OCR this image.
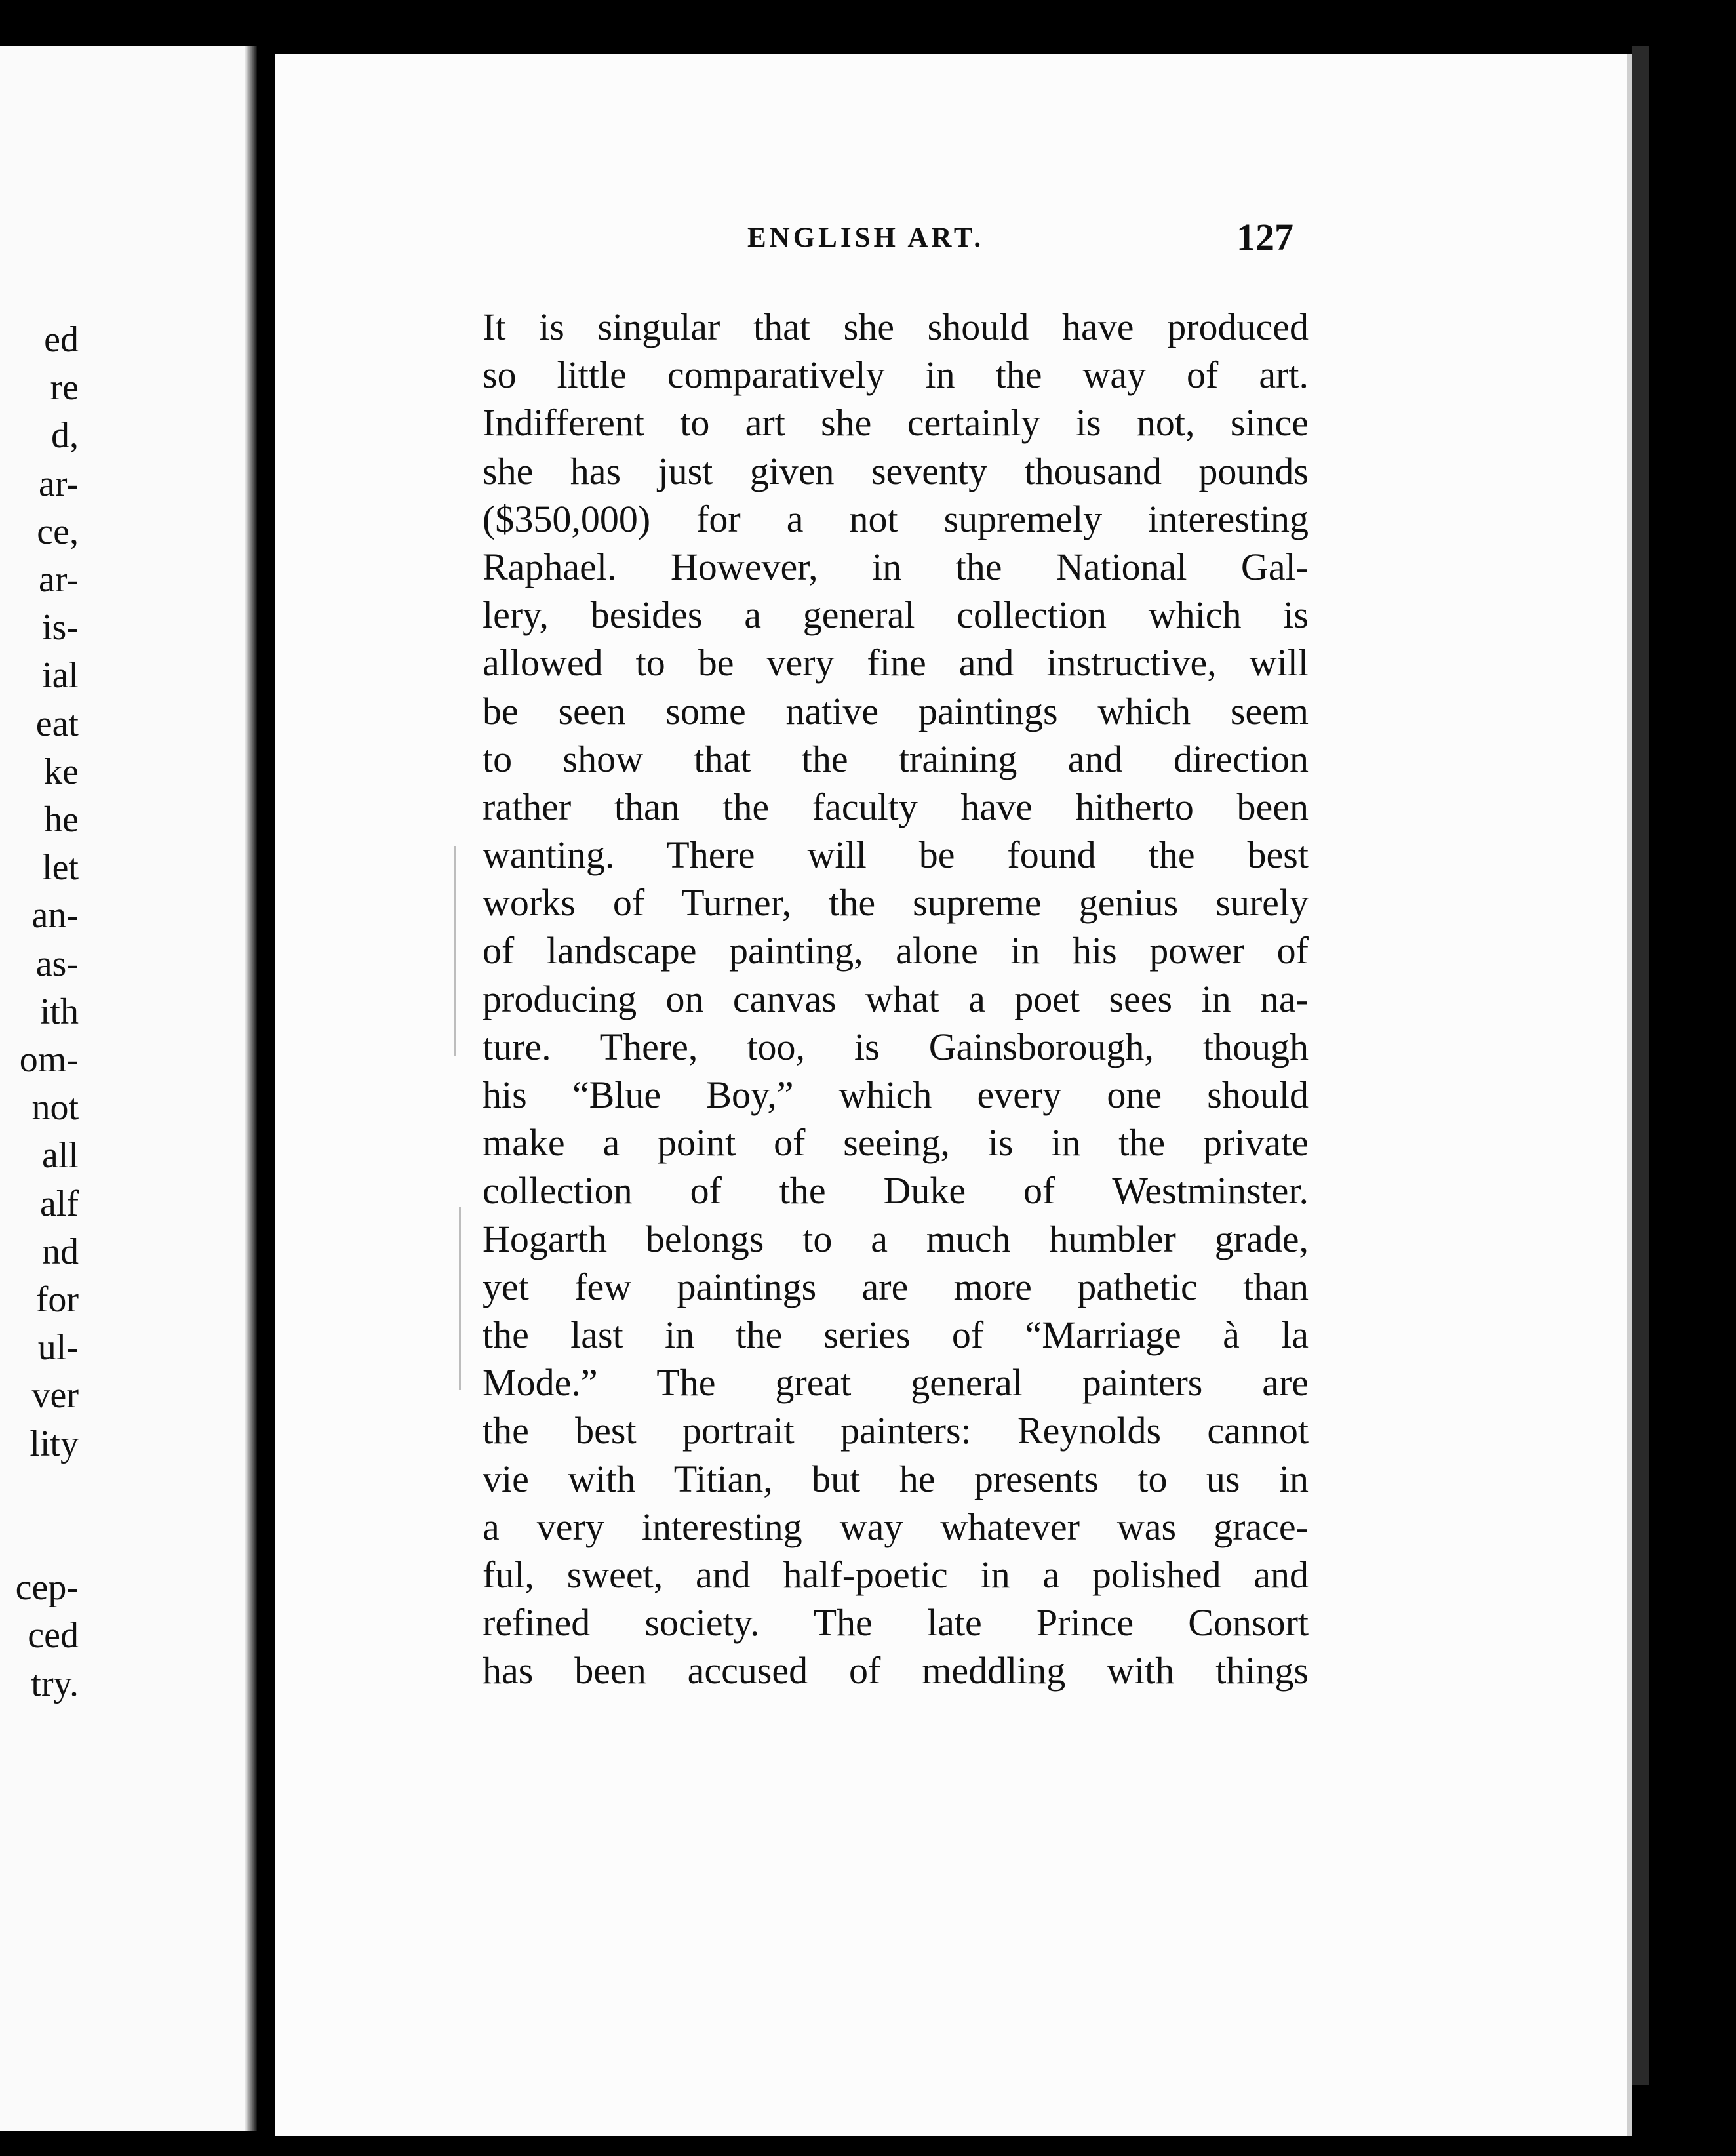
ed
re
d,
ar-
ce,
ar-
is-
ial
eat
ke
he
let
an-
as-
ith
om-
not
all
alf
nd
for
ul-
ver
lity
cep-
ced
try.
ENGLISH ART.	127
It is singular that she should have produced
so little comparatively in the way of art.
Indifferent to art she certainly is not, since
she has just given seventy thousand pounds
($350,000) for a not supremely interesting
Raphael. However, in the National Gal-
lery, besides a general collection which is
allowed to be very fine and instructive, will
be seen some native paintings which seem
to show that the training and direction
rather than the faculty have hitherto been
wanting. There will be found the best
works of Turner, the supreme genius surely
of landscape painting, alone in his power of
producing on canvas what a poet sees in na-
ture. There, too, is Gainsborough, though
his “Blue Boy,” which every one should
make a point of seeing, is in the private
collection of the Duke of Westminster.
Hogarth belongs to a much humbler grade,
yet few paintings are more pathetic than
the last in the series of “Marriage à la
Mode.” The great general painters are
the best portrait painters: Reynolds cannot
vie with Titian, but he presents to us in
a very interesting way whatever was grace-
ful, sweet, and half-poetic in a polished and
refined society. The late Prince Consort
has been accused of meddling with things
